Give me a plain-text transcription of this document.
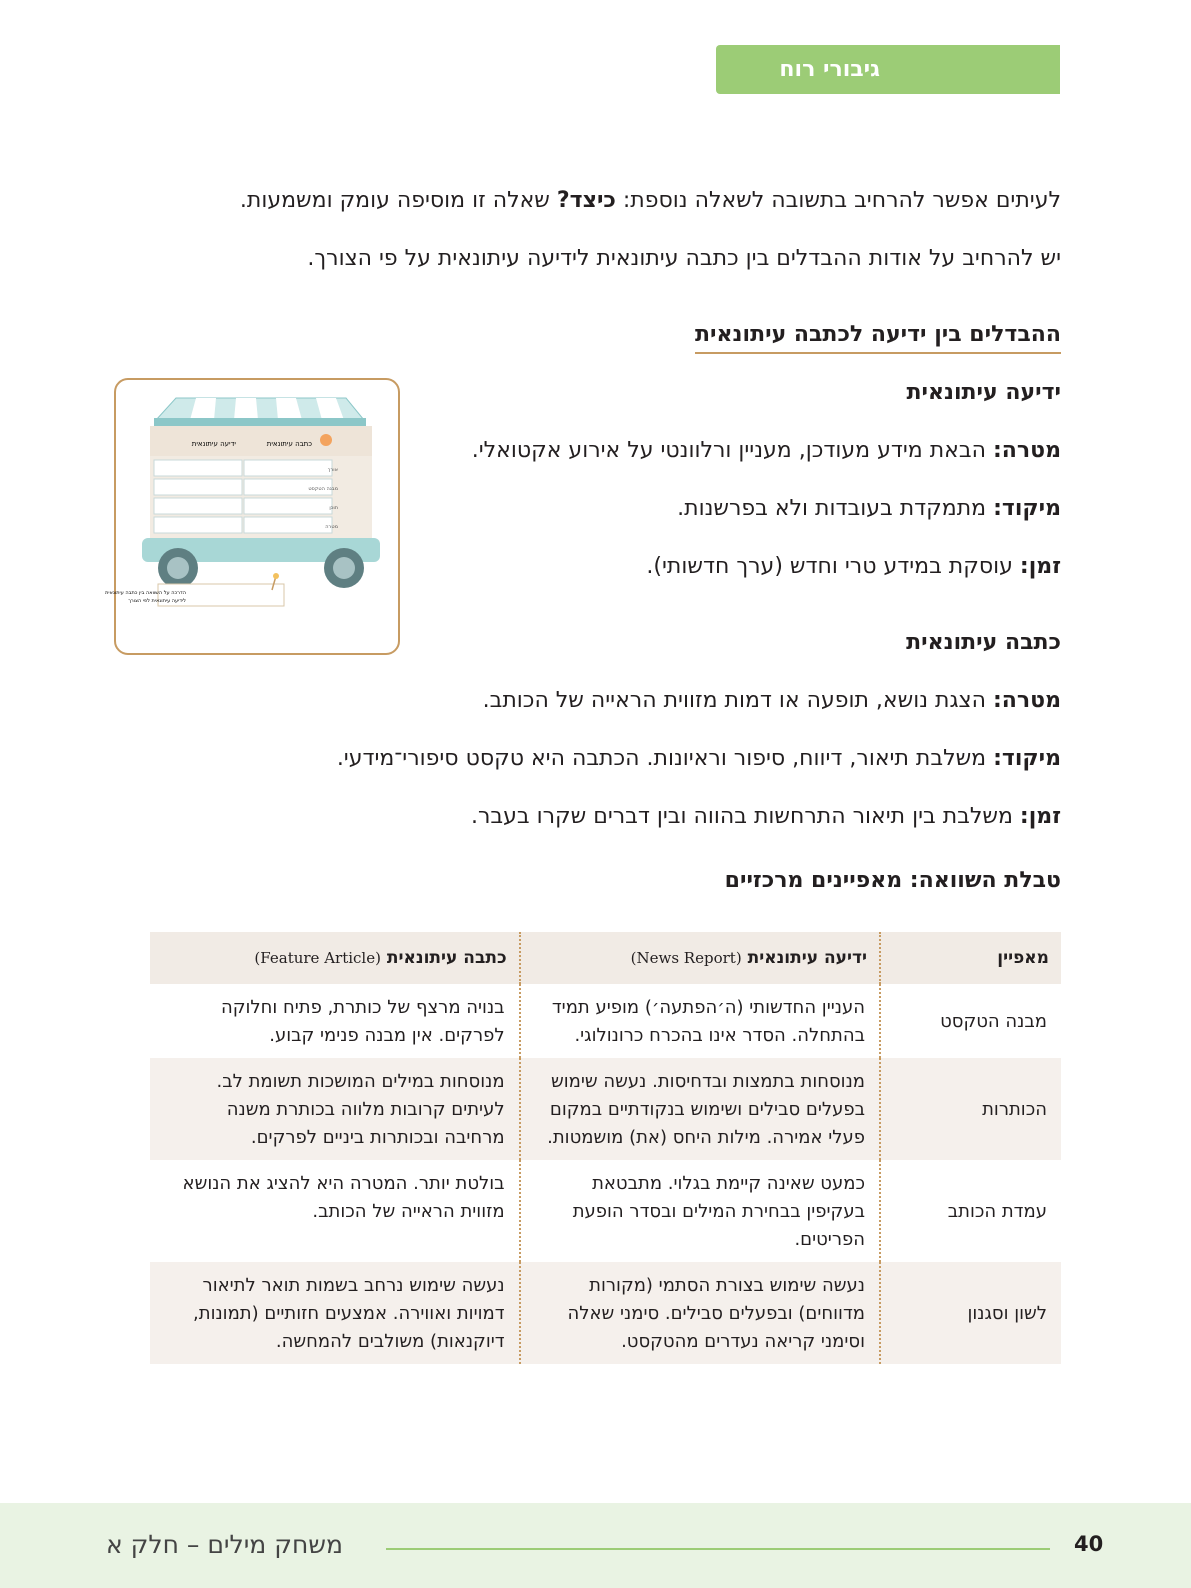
גיבורי רוח
לעיתים אפשר להרחיב בתשובה לשאלה נוספת: כיצד? שאלה זו מוסיפה עומק ומשמעות.
יש להרחיב על אודות ההבדלים בין כתבה עיתונאית לידיעה עיתונאית על פי הצורך.
ההבדלים בין ידיעה לכתבה עיתונאית
ידיעה עיתונאית
מטרה: הבאת מידע מעודכן, מעניין ורלוונטי על אירוע אקטואלי.
מיקוד: מתמקדת בעובדות ולא בפרשנות.
זמן: עוסקת במידע טרי וחדש (ערך חדשותי).
כתבה עיתונאית
מטרה: הצגת נושא, תופעה או דמות מזווית הראייה של הכותב.
מיקוד: משלבת תיאור, דיווח, סיפור וראיונות. הכתבה היא טקסט סיפורי־מידעי.
זמן: משלבת בין תיאור התרחשות בהווה ובין דברים שקרו בעבר.
ידיעה עיתונאית	כתבה עיתונאית
אורך
מבנה הטקסט
תוכן
מטרה
הדרכה על השוואה בין כתבה עיתונאית
לידיעה עיתונאית לפי הצורך
טבלת השוואה: מאפיינים מרכזיים
מאפיין	ידיעה עיתונאית (News Report)	כתבה עיתונאית (Feature Article)
מבנה הטקסט	העניין החדשותי (ה׳הפתעה׳) מופיע תמיד בהתחלה. הסדר אינו בהכרח כרונולוגי.	בנויה מרצף של כותרת, פתיח וחלוקה לפרקים. אין מבנה פנימי קבוע.
הכותרות	מנוסחות בתמצות ובדחיסות. נעשה שימוש בפעלים סבילים ושימוש בנקודתיים במקום פעלי אמירה. מילות היחס (את) מושמטות.	מנוסחות במילים המושכות תשומת לב. לעיתים קרובות מלווה בכותרת משנה מרחיבה ובכותרות ביניים לפרקים.
עמדת הכותב	כמעט שאינה קיימת בגלוי. מתבטאת בעקיפין בבחירת המילים ובסדר הופעת הפריטים.	בולטת יותר. המטרה היא להציג את הנושא מזווית הראייה של הכותב.
לשון וסגנון	נעשה שימוש בצורת הסתמי (מקורות מדווחים) ובפעלים סבילים. סימני שאלה וסימני קריאה נעדרים מהטקסט.	נעשה שימוש נרחב בשמות תואר לתיאור דמויות ואווירה. אמצעים חזותיים (תמונות, דיוקנאות) משולבים להמחשה.
40
משחק מילים – חלק א
